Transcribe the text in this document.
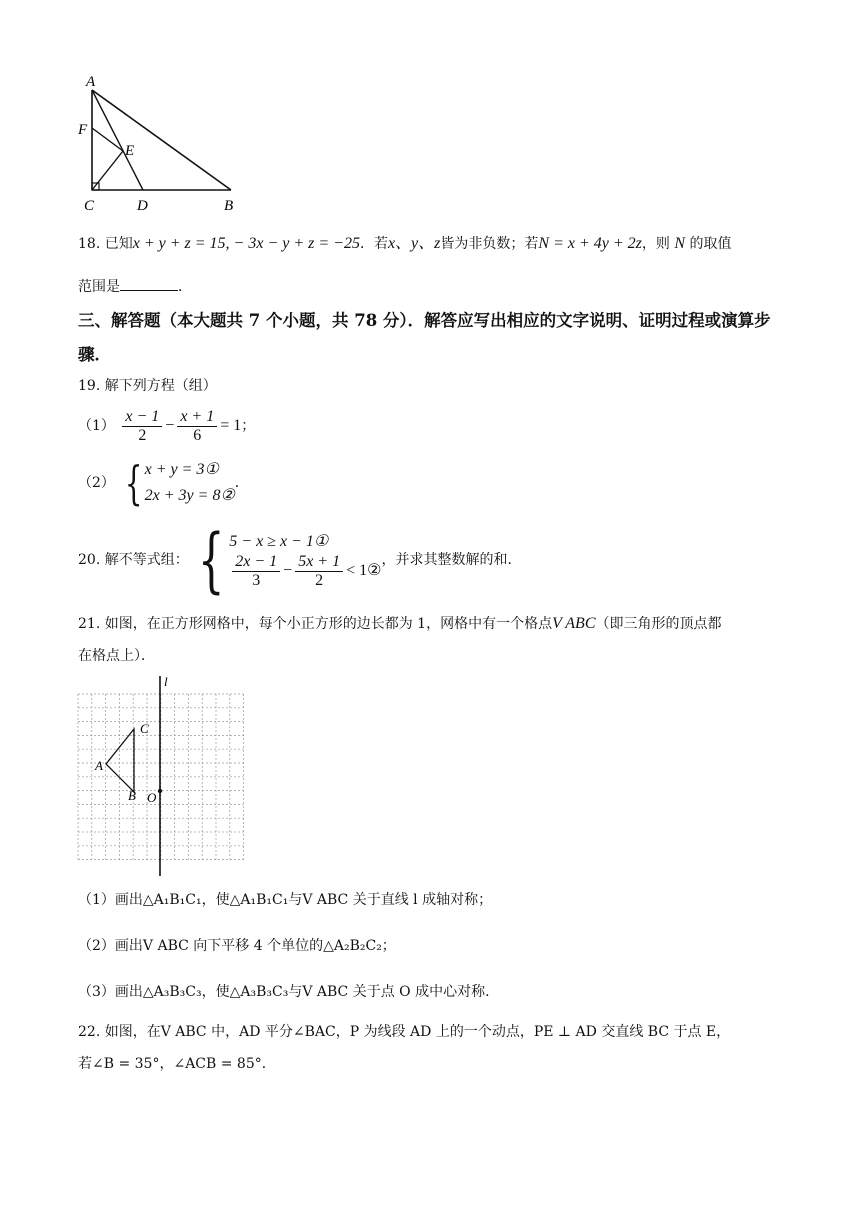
A
F
E
C	D	B
18. 已知x + y + z = 15, − 3x − y + z = −25．若x、y、z皆为非负数；若N = x + 4y + 2z，则 N 的取值
范围是	．
三、解答题（本大题共 7 个小题，共 78 分）．解答应写出相应的文字说明、证明过程或演算步骤．
19. 解下列方程（组）
$(1) \frac{x - 1}{2} - \frac{x + 1}{6} = 1$；
（2） { x + y = 3①
2x + 3y = 8②．
20. 解不等式组： { 5 − x ≥ x − 1①

$\frac{2x - 1}{3} - \frac{5x + 1}{2}$ < 1②，并求其整数解的和．
21. 如图，在正方形网格中，每个小正方形的边长都为 1，网格中有一个格点V ABC（即三角形的顶点都
在格点上）．
l
A
B
C
O
（1）画出△A₁B₁C₁，使△A₁B₁C₁与V ABC 关于直线 l 成轴对称；
（2）画出V ABC 向下平移 4 个单位的△A₂B₂C₂；
（3）画出△A₃B₃C₃，使△A₃B₃C₃与V ABC 关于点 O 成中心对称．
22. 如图，在V ABC 中，AD 平分∠BAC，P 为线段 AD 上的一个动点，PE ⊥ AD 交直线 BC 于点 E，
若∠B = 35°，∠ACB = 85°．
